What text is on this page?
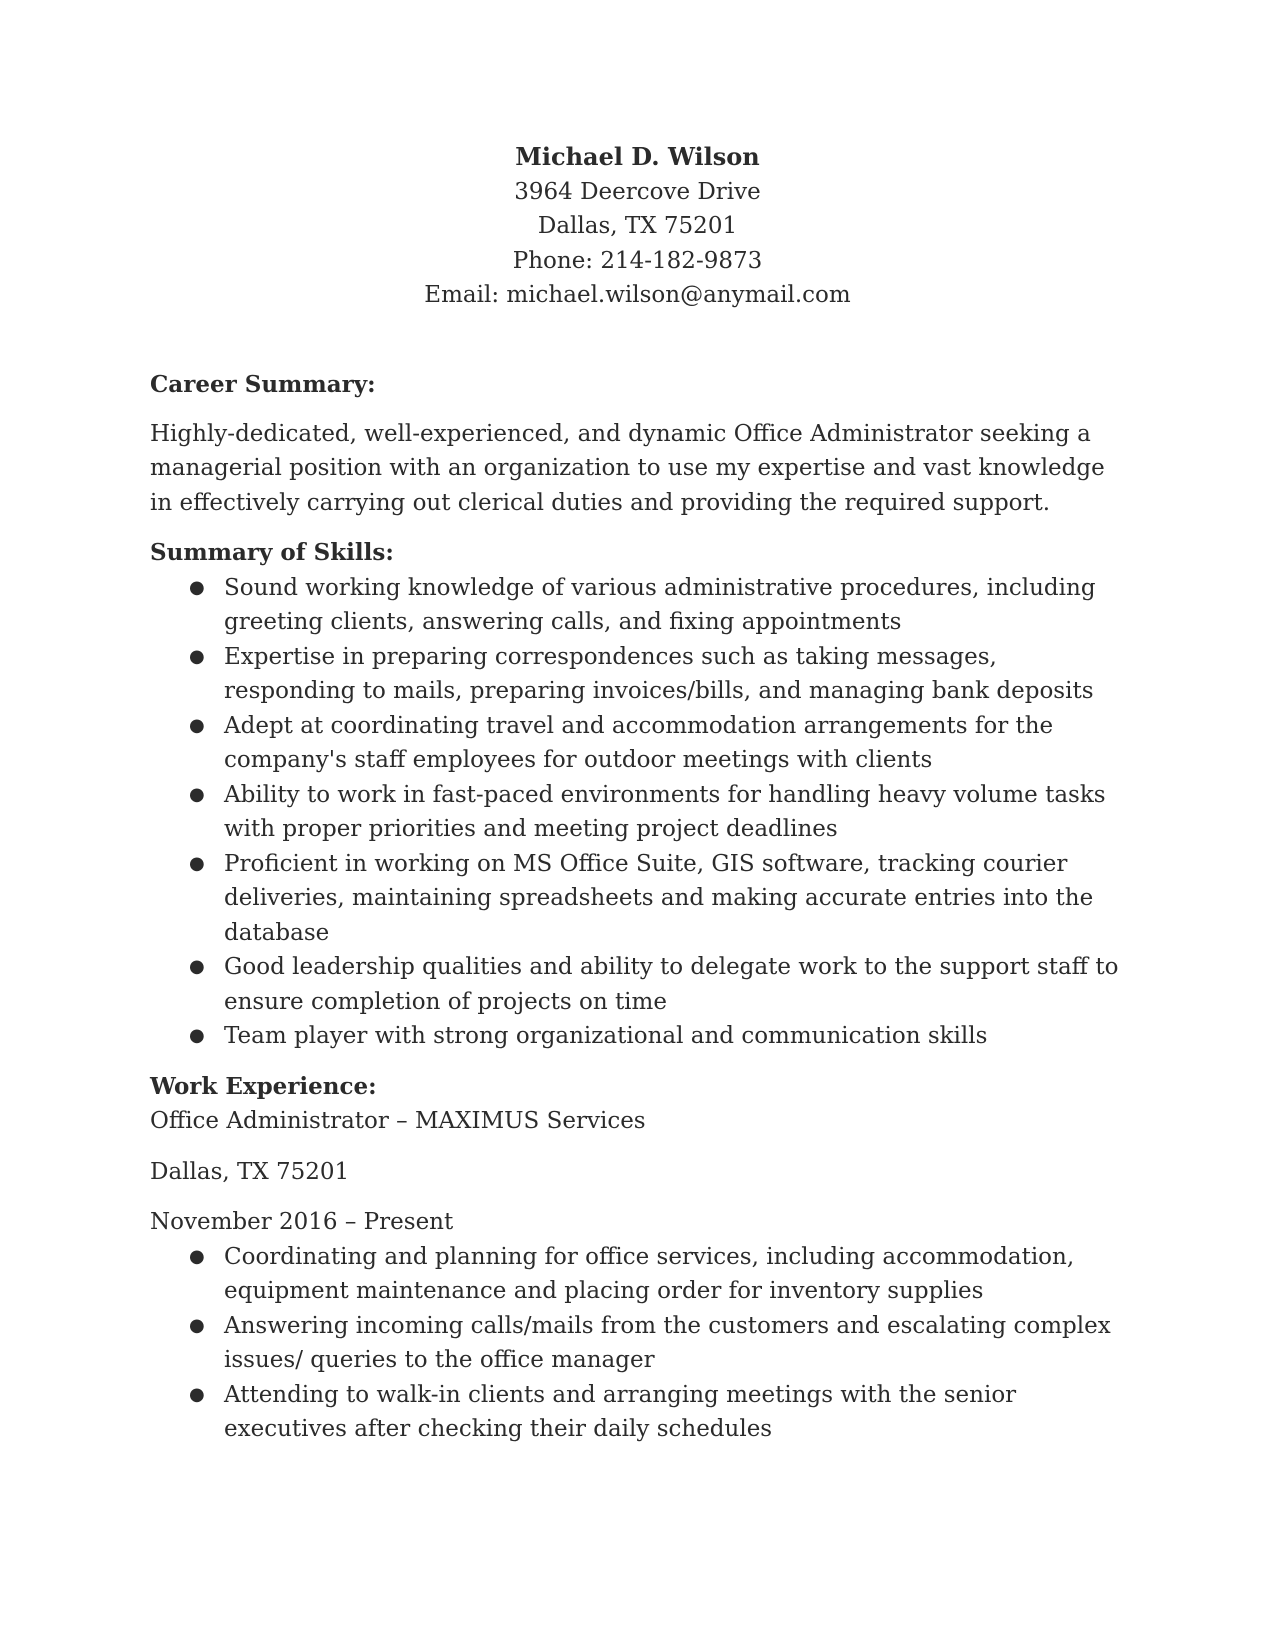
Michael D. Wilson
3964 Deercove Drive
Dallas, TX 75201
Phone: 214-182-9873
Email: michael.wilson@anymail.com

Career Summary:

Highly-dedicated, well-experienced, and dynamic Office Administrator seeking a managerial position with an organization to use my expertise and vast knowledge in effectively carrying out clerical duties and providing the required support.

Summary of Skills:

● Sound working knowledge of various administrative procedures, including greeting clients, answering calls, and fixing appointments
● Expertise in preparing correspondences such as taking messages, responding to mails, preparing invoices/bills, and managing bank deposits
● Adept at coordinating travel and accommodation arrangements for the company's staff employees for outdoor meetings with clients
● Ability to work in fast-paced environments for handling heavy volume tasks with proper priorities and meeting project deadlines
● Proficient in working on MS Office Suite, GIS software, tracking courier deliveries, maintaining spreadsheets and making accurate entries into the database
● Good leadership qualities and ability to delegate work to the support staff to ensure completion of projects on time
● Team player with strong organizational and communication skills

Work Experience:

Office Administrator – MAXIMUS Services

Dallas, TX 75201

November 2016 – Present

● Coordinating and planning for office services, including accommodation, equipment maintenance and placing order for inventory supplies
● Answering incoming calls/mails from the customers and escalating complex issues/ queries to the office manager
● Attending to walk-in clients and arranging meetings with the senior executives after checking their daily schedules
